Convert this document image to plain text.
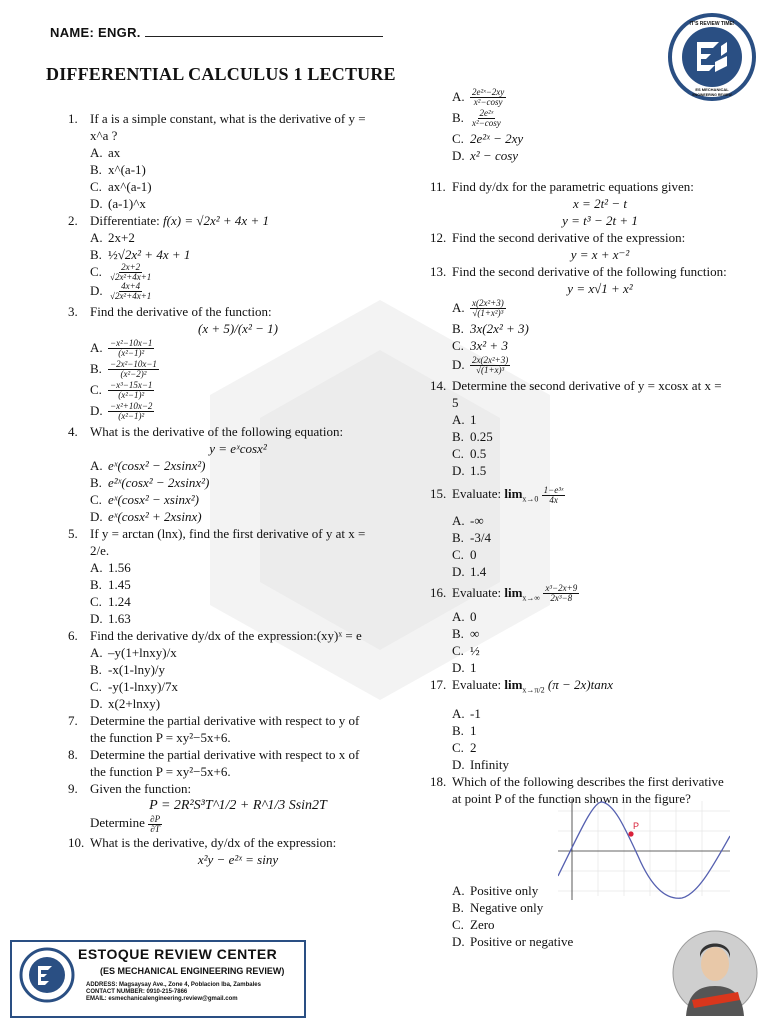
NAME: ENGR.
DIFFERENTIAL CALCULUS 1 LECTURE
IT'S REVIEW TIME!
ES MECHANICAL
ENGINEERING REVIEW
1. If a is a simple constant, what is the derivative of y = x^a ?
A. ax
B. x^(a-1)
C. ax^(a-1)
D. (a-1)^x
2. Differentiate: f(x) = √2x² + 4x + 1
A. 2x+2
B. ½√2x² + 4x + 1
C. $\frac{2x+2}{\text{√2x²+4x+1}}$
D. $\frac{4x+4}{\text{√2x²+4x+1}}$
3. Find the derivative of the function:
(x + 5)/(x² − 1)
A. $\frac{\text{−x²−10x−1}}{\text{(x²−1)²}}$
B. $\frac{\text{−2x²−10x−1}}{\text{(x²−2)²}}$
C. $\frac{\text{−x³−15x−1}}{\text{(x²−1)²}}$
D. $\frac{\text{−x²+10x−2}}{\text{(x²−1)²}}$
4. What is the derivative of the following equation:
y = eˣcosx²
A. eˣ(cosx² − 2xsinx²)
B. e²ˣ(cosx² − 2xsinx²)
C. eˣ(cosx² − xsinx²)
D. eˣ(cosx² + 2xsinx)
5. If y = arctan (lnx), find the first derivative of y at x = 2/e.
A. 1.56
B. 1.45
C. 1.24
D. 1.63
6. Find the derivative dy/dx of the expression:(xy)ˣ = e
A. –y(1+lnxy)/x
B. -x(1-lny)/y
C. -y(1-lnxy)/7x
D. x(2+lnxy)
7. Determine the partial derivative with respect to y of the function P = xy²−5x+6.
8. Determine the partial derivative with respect to x of the function P = xy²−5x+6.
9. Given the function:
P = 2R²S³T^1/2 + R^1/3 Ssin2T
Determine $\frac{\partial P}{\partial T}$
10. What is the derivative, dy/dx of the expression:
x²y − e²ˣ = siny
A. $\frac{\text{2e²ˣ−2xy}}{\text{x²−cosy}}$
B. $\frac{\text{2e²ˣ}}{\text{x²−cosy}}$
C. 2e²ˣ − 2xy
D. x² − cosy
11. Find dy/dx for the parametric equations given:
x = 2t² − t
y = t³ − 2t + 1
12. Find the second derivative of the expression:
y = x + x⁻²
13. Find the second derivative of the following function:
y = x√1 + x²
A. $\frac{\text{x(2x²+3)}}{\text{√(1+x²)³}}$
B. 3x(2x² + 3)
C. 3x² + 3
D. $\frac{\text{2x(2x²+3)}}{\text{√(1+x)³}}$
14. Determine the second derivative of y = xcosx at x = 5
A. 1
B. 0.25
C. 0.5
D. 1.5
15. Evaluate: $\lim_{x\to 0} \frac{\text{1−e³ˣ}}{4x}$
A. -∞
B. -3/4
C. 0
D. 1.4
16. Evaluate: $\lim_{x\to\infty} \frac{\text{x³−2x+9}}{\text{2x³−8}}$
A. 0
B. ∞
C. ½
D. 1
17. Evaluate: $\lim_{x\to\pi/2} (\pi - 2x)\tan x$
A. -1
B. 1
C. 2
D. Infinity
18. Which of the following describes the first derivative at point P of the function shown in the figure?
A. Positive only
B. Negative only
C. Zero
D. Positive or negative
P
ESTOQUE REVIEW CENTER
(ES MECHANICAL ENGINEERING REVIEW)
ADDRESS: Magsaysay Ave., Zone 4, Poblacion Iba, Zambales
CONTACT NUMBER: 0910-215-7866
EMAIL: esmechanicalengineering.review@gmail.com
